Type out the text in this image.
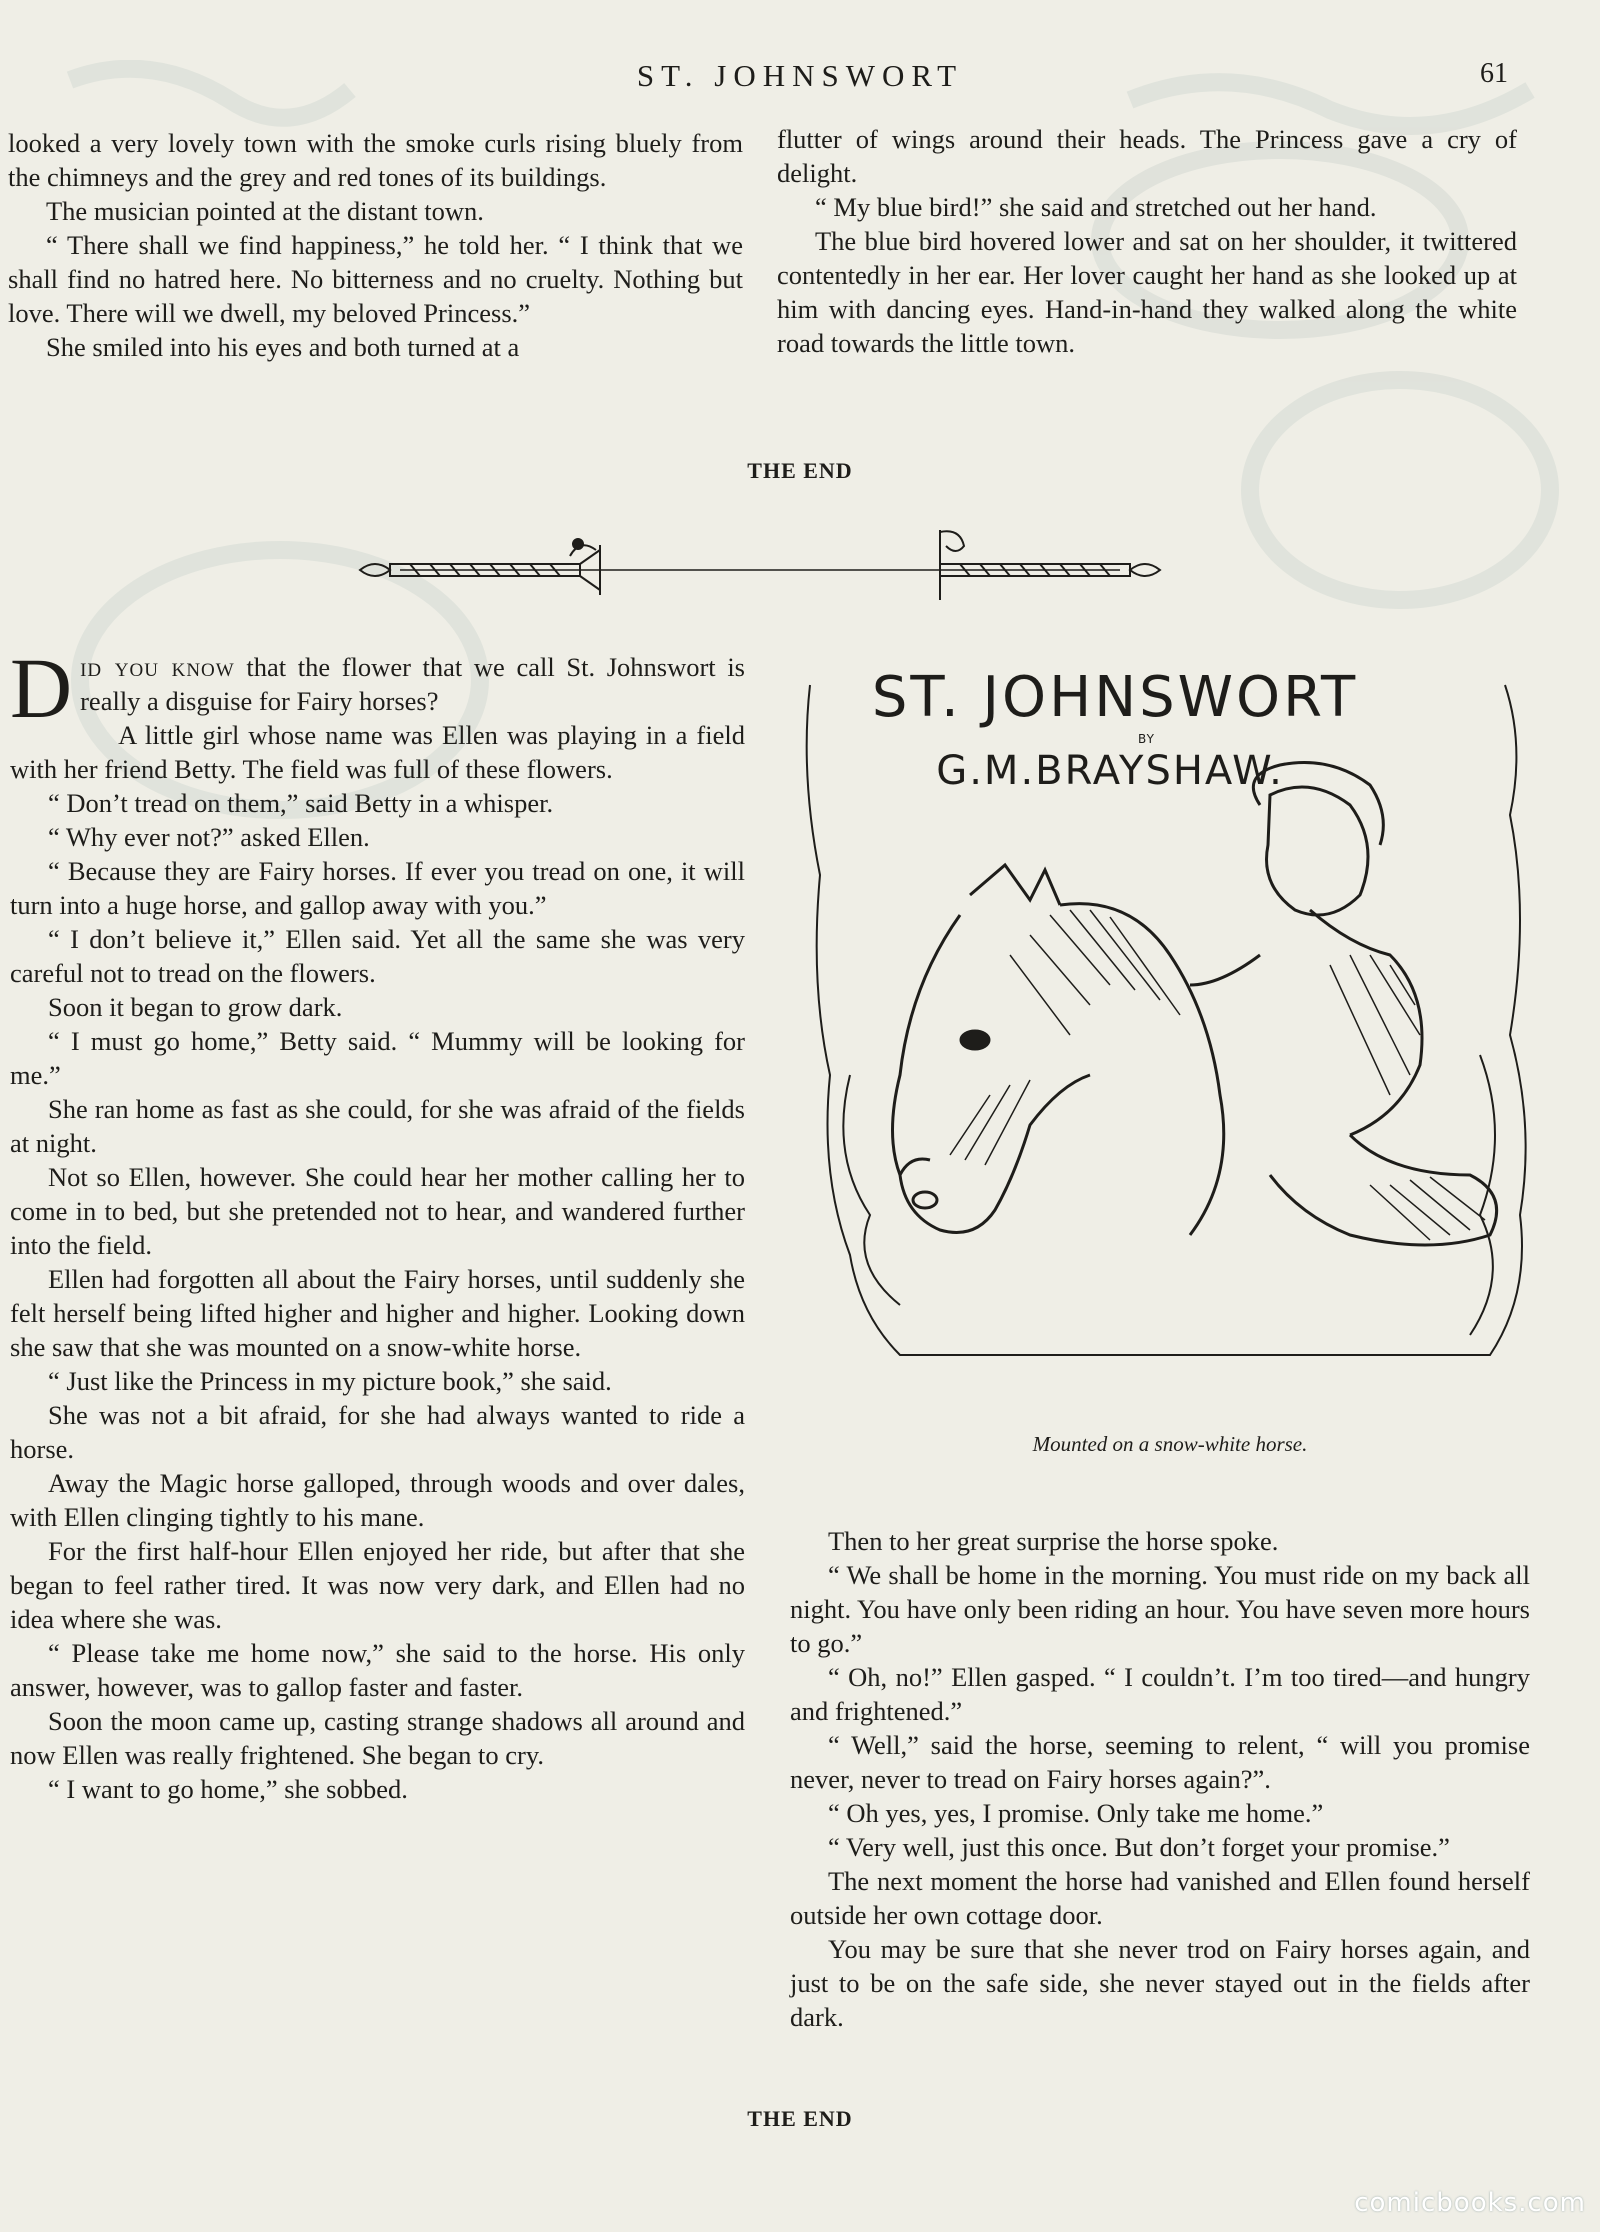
ST. JOHNSWORT	61

looked a very lovely town with the smoke curls rising bluely from the chimneys and the grey and red tones of its buildings.

The musician pointed at the distant town.

“ There shall we find happiness,” he told her. “ I think that we shall find no hatred here. No bitterness and no cruelty. Nothing but love. There will we dwell, my beloved Princess.”

She smiled into his eyes and both turned at a

flutter of wings around their heads. The Princess gave a cry of delight.

“ My blue bird!” she said and stretched out her hand.

The blue bird hovered lower and sat on her shoulder, it twittered contentedly in her ear. Her lover caught her hand as she looked up at him with dancing eyes. Hand-in-hand they walked along the white road towards the little town.

THE END

Did you know that the flower that we call St. Johnswort is really a disguise for Fairy horses?

A little girl whose name was Ellen was playing in a field with her friend Betty. The field was full of these flowers.

“ Don’t tread on them,” said Betty in a whisper.

“ Why ever not?” asked Ellen.

“ Because they are Fairy horses. If ever you tread on one, it will turn into a huge horse, and gallop away with you.”

“ I don’t believe it,” Ellen said. Yet all the same she was very careful not to tread on the flowers.

Soon it began to grow dark.

“ I must go home,” Betty said. “ Mummy will be looking for me.”

She ran home as fast as she could, for she was afraid of the fields at night.

Not so Ellen, however. She could hear her mother calling her to come in to bed, but she pretended not to hear, and wandered further into the field.

Ellen had forgotten all about the Fairy horses, until suddenly she felt herself being lifted higher and higher and higher. Looking down she saw that she was mounted on a snow-white horse.

“ Just like the Princess in my picture book,” she said.

She was not a bit afraid, for she had always wanted to ride a horse.

Away the Magic horse galloped, through woods and over dales, with Ellen clinging tightly to his mane.

For the first half-hour Ellen enjoyed her ride, but after that she began to feel rather tired. It was now very dark, and Ellen had no idea where she was.

“ Please take me home now,” she said to the horse. His only answer, however, was to gallop faster and faster.

Soon the moon came up, casting strange shadows all around and now Ellen was really frightened. She began to cry.

“ I want to go home,” she sobbed.

ST. JOHNSWORT
BY
G.M.BRAYSHAW.
Mounted on a snow-white horse.

Then to her great surprise the horse spoke.

“ We shall be home in the morning. You must ride on my back all night. You have only been riding an hour. You have seven more hours to go.”

“ Oh, no!” Ellen gasped. “ I couldn’t. I’m too tired—and hungry and frightened.”

“ Well,” said the horse, seeming to relent, “ will you promise never, never to tread on Fairy horses again?”.

“ Oh yes, yes, I promise. Only take me home.”

“ Very well, just this once. But don’t forget your promise.”

The next moment the horse had vanished and Ellen found herself outside her own cottage door.

You may be sure that she never trod on Fairy horses again, and just to be on the safe side, she never stayed out in the fields after dark.

THE END
comicbooks.com
